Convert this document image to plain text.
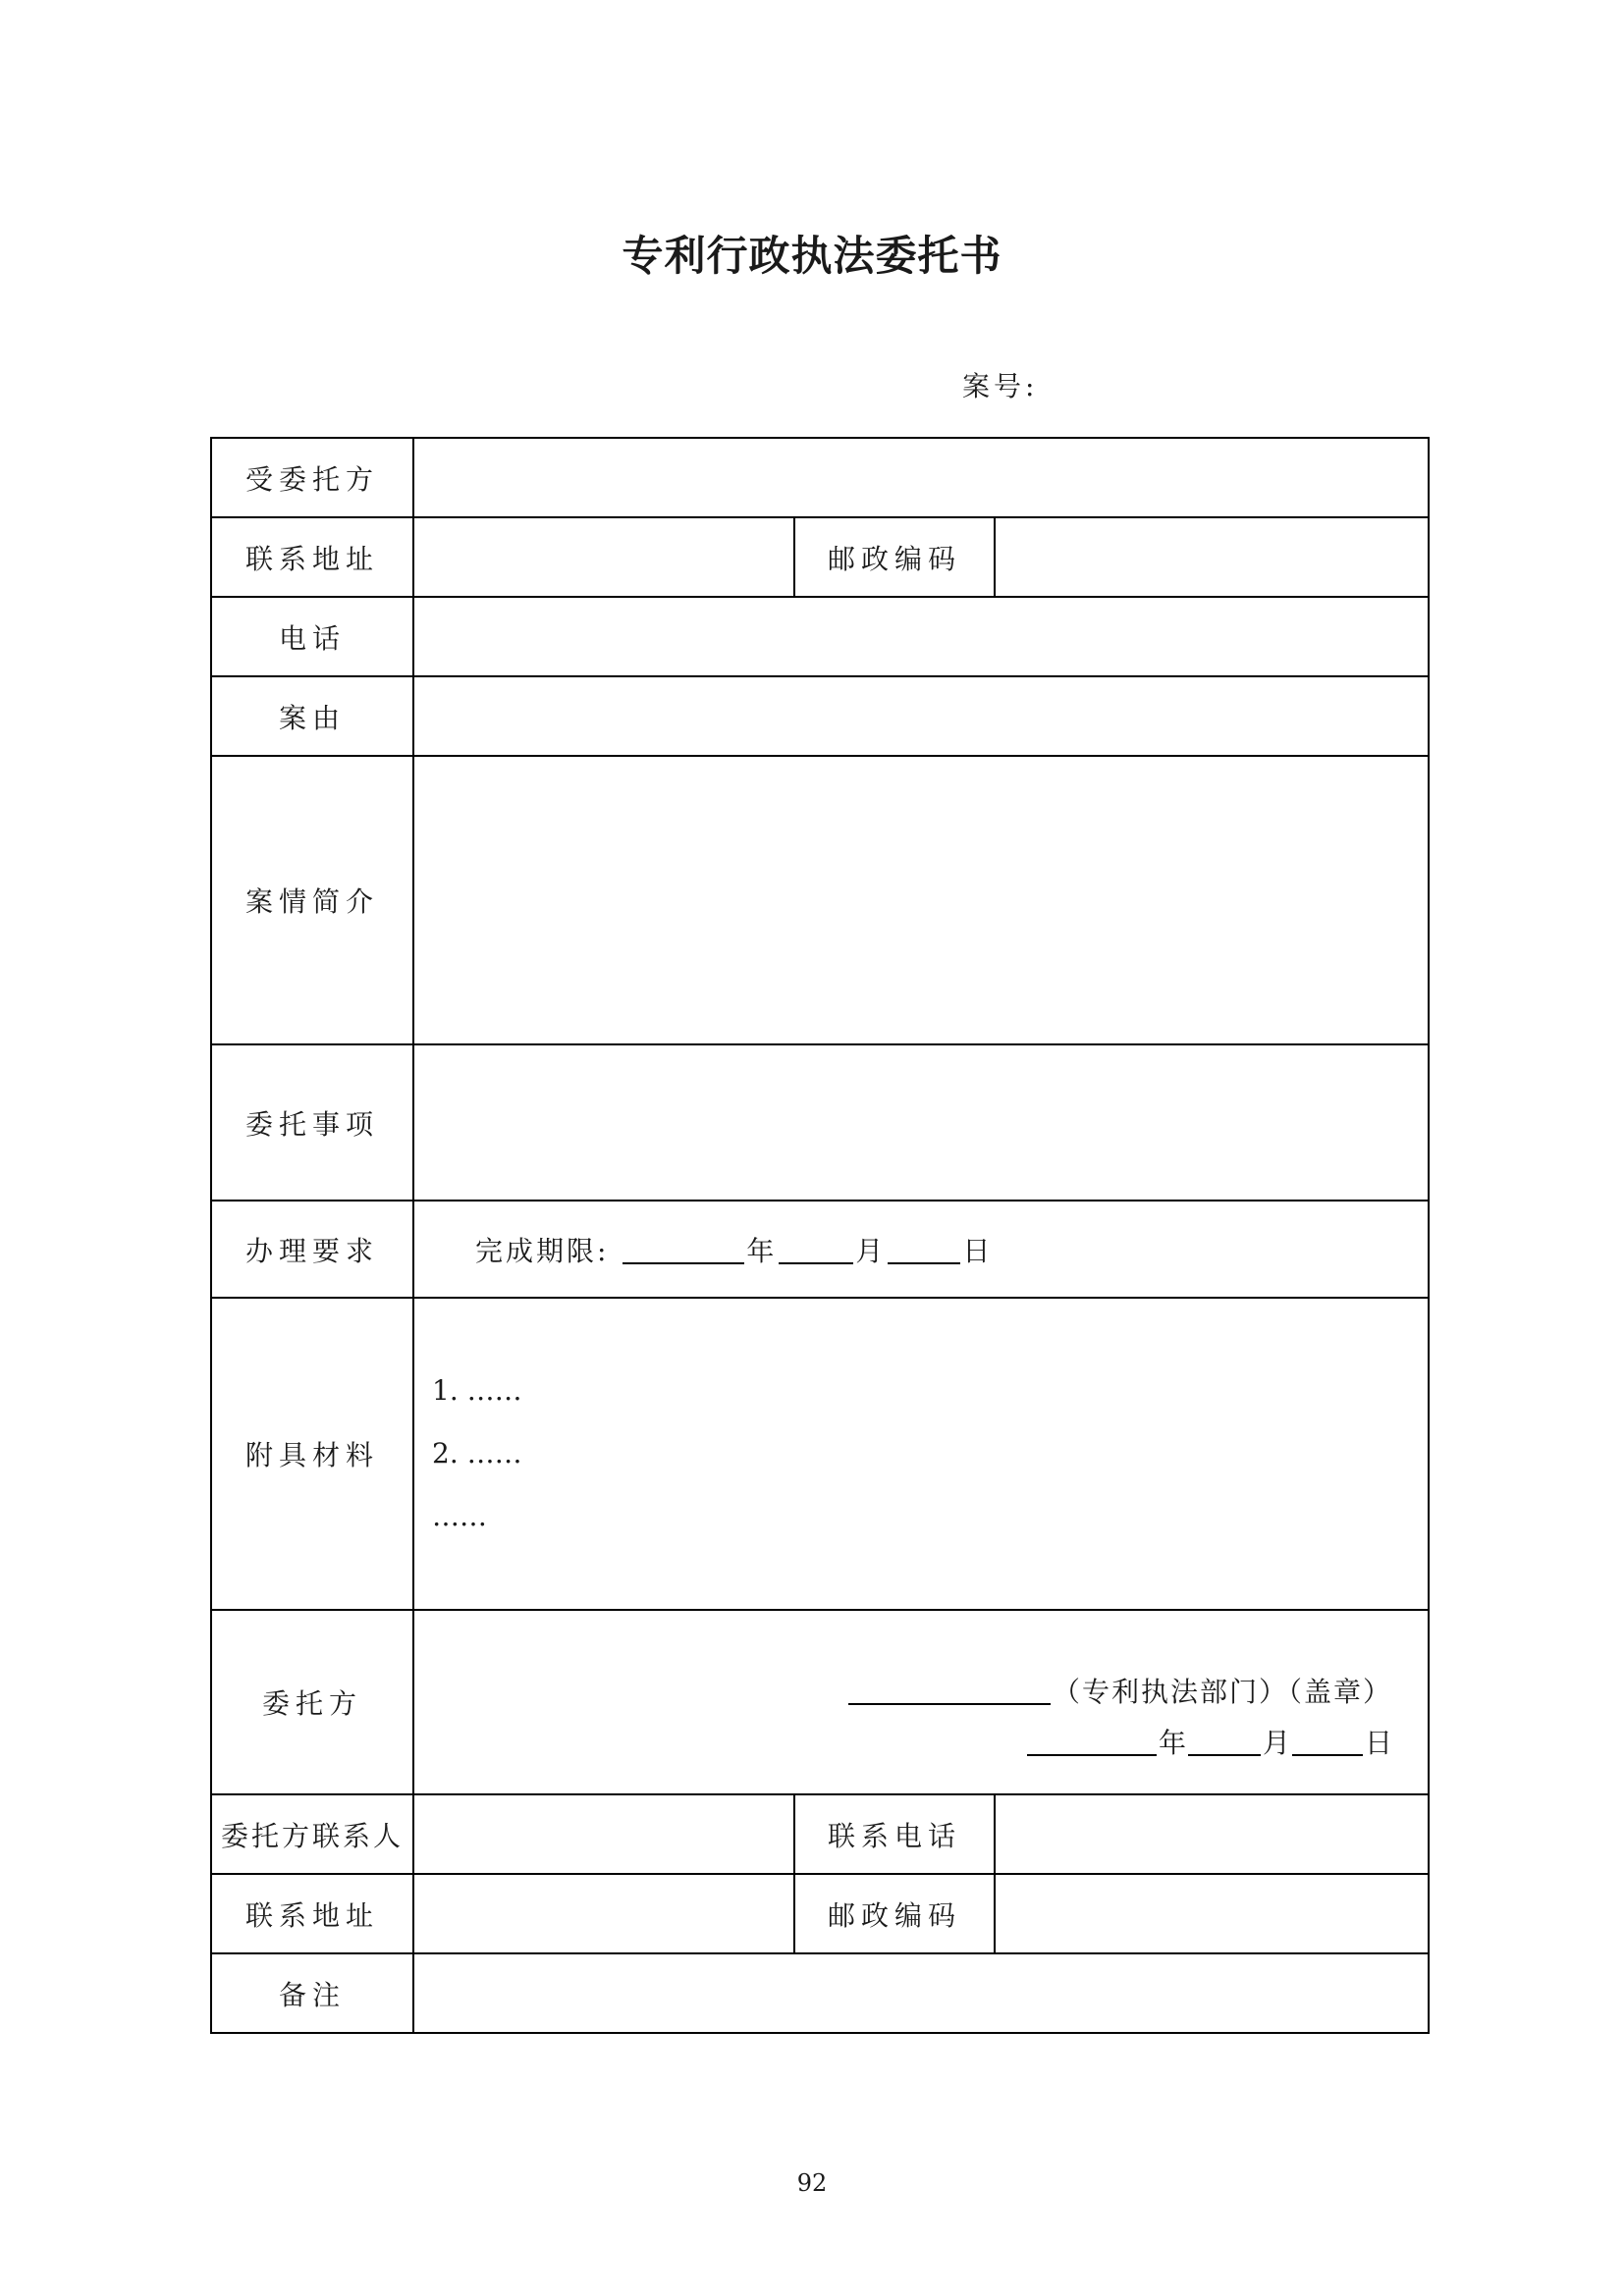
专利行政执法委托书
案号:
受委托方			
联系地址		邮政编码	
电话			
案由			
案情简介			
委托事项			
办理要求	完成期限: 年 月 日		

附具材料	1. ……
2. ……
……		

委托方	（专利执法部门）（盖章）
年 月 日		

委托方联系人		联系电话	
联系地址		邮政编码	
备注			
92
